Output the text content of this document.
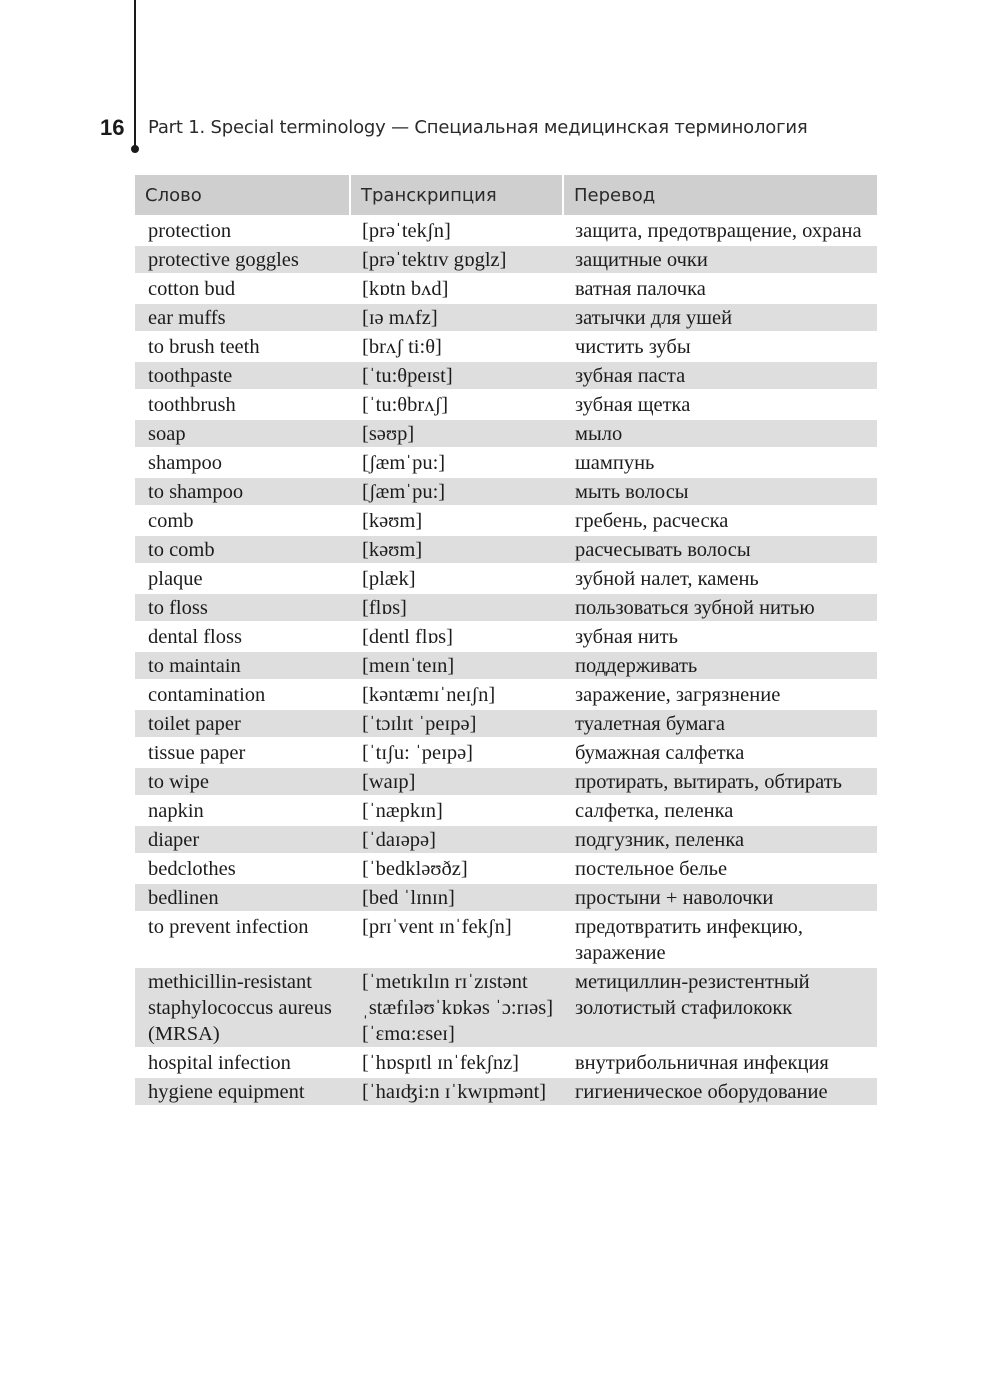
16 Part 1. Special terminology — Специальная медицинская терминология
Слово	Транскрипция	Перевод
protection	[prəˈtekʃn]	защита, предотвращение, охрана
protective goggles	[prəˈtektɪv gɒglz]	защитные очки
cotton bud	[kɒtn bʌd]	ватная палочка
ear muffs	[ɪə mʌfz]	затычки для ушей
to brush teeth	[brʌʃ ti:θ]	чистить зубы
toothpaste	[ˈtu:θpeɪst]	зубная паста
toothbrush	[ˈtu:θbrʌʃ]	зубная щетка
soap	[səʊp]	мыло
shampoo	[ʃæmˈpu:]	шампунь
to shampoo	[ʃæmˈpu:]	мыть волосы
comb	[kəʊm]	гребень, расческа
to comb	[kəʊm]	расчесывать волосы
plaque	[plæk]	зубной налет, камень
to floss	[flɒs]	пользоваться зубной нитью
dental floss	[dentl flɒs]	зубная нить
to maintain	[meɪnˈteɪn]	поддерживать
contamination	[kəntæmɪˈneɪʃn]	заражение, загрязнение
toilet paper	[ˈtɔɪlɪt ˈpeɪpə]	туалетная бумага
tissue paper	[ˈtɪʃu: ˈpeɪpə]	бумажная салфетка
to wipe	[waɪp]	протирать, вытирать, обтирать
napkin	[ˈnæpkɪn]	салфетка, пеленка
diaper	[ˈdaɪəpə]	подгузник, пеленка
bedclothes	[ˈbedkləʊðz]	постельное белье
bedlinen	[bed ˈlɪnɪn]	простыни + наволочки
to prevent infection	[prɪˈvent ɪnˈfekʃn]	предотвратить инфекцию, заражение
methicillin-resistant staphylococcus aureus (MRSA)	[ˈmetɪkɪlɪn rɪˈzɪstənt ˌstæfɪləʊˈkɒkəs ˈɔ:rɪəs] [ˈɛmɑ:ɛseɪ]	метициллин-резистентный золотистый стафилококк
hospital infection	[ˈhɒspɪtl ɪnˈfekʃnz]	внутрибольничная инфекция
hygiene equipment	[ˈhaɪʤi:n ɪˈkwɪpmənt]	гигиеническое оборудование
